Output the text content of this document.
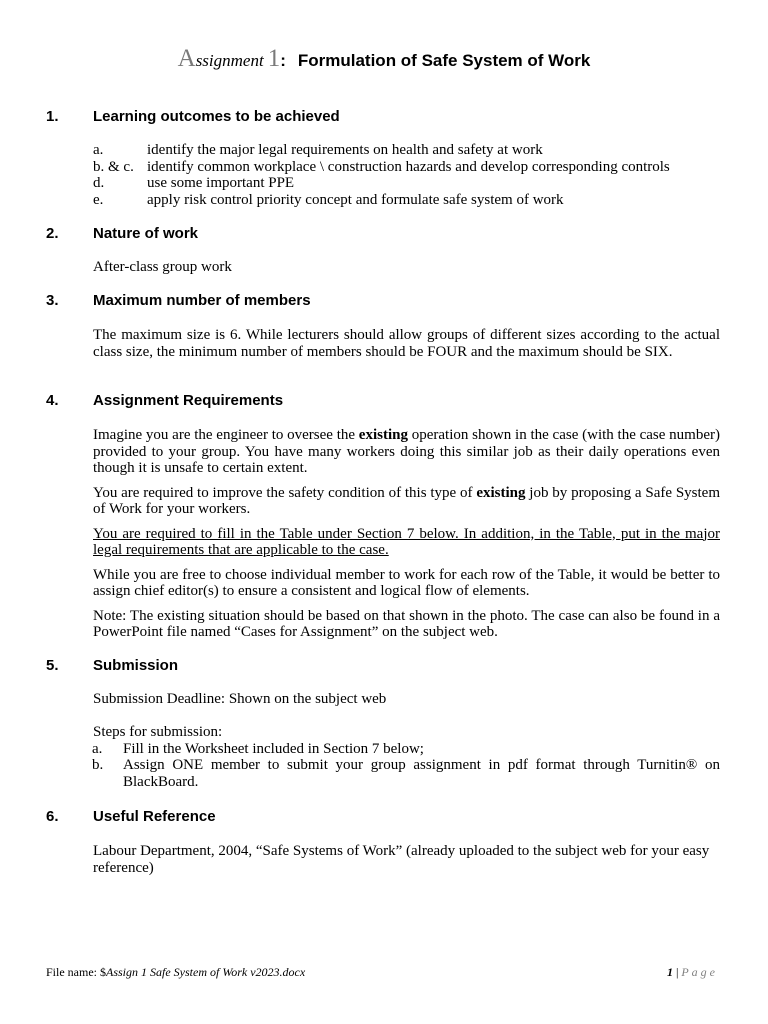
Assignment 1: Formulation of Safe System of Work
1. Learning outcomes to be achieved
a.	identify the major legal requirements on health and safety at work
b. & c. identify common workplace \ construction hazards and develop corresponding controls
d.	use some important PPE
e.	apply risk control priority concept and formulate safe system of work
2. Nature of work
After-class group work
3. Maximum number of members
The maximum size is 6. While lecturers should allow groups of different sizes according to the actual class size, the minimum number of members should be FOUR and the maximum should be SIX.
4. Assignment Requirements

Imagine you are the engineer to oversee the existing operation shown in the case (with the case number) provided to your group. You have many workers doing this similar job as their daily operations even though it is unsafe to certain extent.

You are required to improve the safety condition of this type of existing job by proposing a Safe System of Work for your workers.

You are required to fill in the Table under Section 7 below. In addition, in the Table, put in the major legal requirements that are applicable to the case.

While you are free to choose individual member to work for each row of the Table, it would be better to assign chief editor(s) to ensure a consistent and logical flow of elements.

Note: The existing situation should be based on that shown in the photo. The case can also be found in a PowerPoint file named “Cases for Assignment” on the subject web.

5. Submission
Submission Deadline: Shown on the subject web

Steps for submission:

a.	Fill in the Worksheet included in Section 7 below;
b.	Assign ONE member to submit your group assignment in pdf format through Turnitin® on BlackBoard.
6. Useful Reference
Labour Department, 2004, “Safe Systems of Work” (already uploaded to the subject web for your easy reference)
File name: $Assign 1 Safe System of Work v2023.docx	1 | Page
